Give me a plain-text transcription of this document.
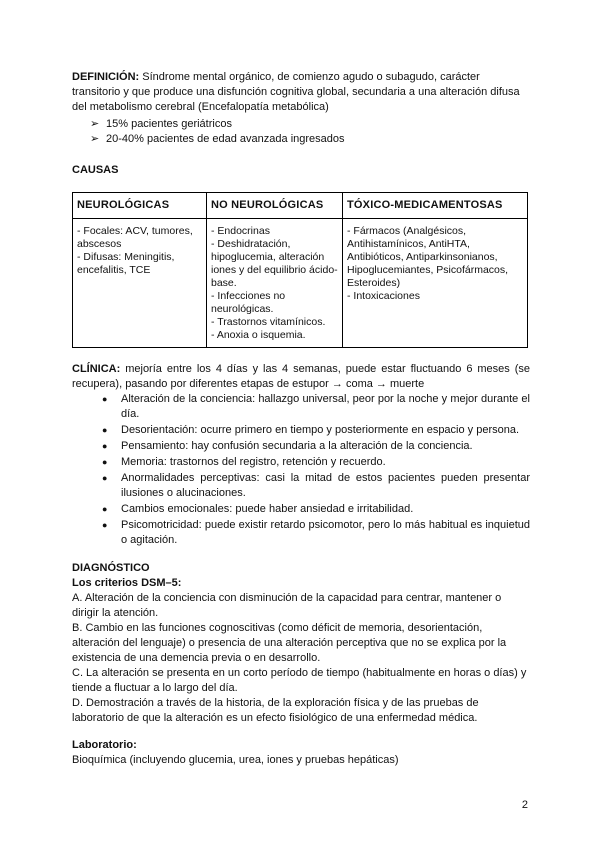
DEFINICIÓN: Síndrome mental orgánico, de comienzo agudo o subagudo, carácter transitorio y que produce una disfunción cognitiva global, secundaria a una alteración difusa del metabolismo cerebral (Encefalopatía metabólica)

➢ 15% pacientes geriátricos
➢ 20-40% pacientes de edad avanzada ingresados
CAUSAS
NEUROLÓGICAS	NO NEUROLÓGICAS	TÓXICO-MEDICAMENTOSAS

- Focales: ACV, tumores, abscesos
- Difusas: Meningitis, encefalitis, TCE	- Endocrinas
- Deshidratación, hipoglucemia, alteración iones y del equilibrio ácido-base.
- Infecciones no neurológicas.
- Trastornos vitamínicos.
- Anoxia o isquemia.	- Fármacos (Analgésicos, Antihistamínicos, AntiHTA, Antibióticos, Antiparkinsonianos, Hipoglucemiantes, Psicofármacos, Esteroides)
- Intoxicaciones

CLÍNICA: mejoría entre los 4 días y las 4 semanas, puede estar fluctuando 6 meses (se recupera), pasando por diferentes etapas de estupor → coma → muerte

● Alteración de la conciencia: hallazgo universal, peor por la noche y mejor durante el día.
● Desorientación: ocurre primero en tiempo y posteriormente en espacio y persona.
● Pensamiento: hay confusión secundaria a la alteración de la conciencia.
● Memoria: trastornos del registro, retención y recuerdo.
● Anormalidades perceptivas: casi la mitad de estos pacientes pueden presentar ilusiones o alucinaciones.
● Cambios emocionales: puede haber ansiedad e irritabilidad.
● Psicomotricidad: puede existir retardo psicomotor, pero lo más habitual es inquietud o agitación.
DIAGNÓSTICO
Los criterios DSM–5:

A. Alteración de la conciencia con disminución de la capacidad para centrar, mantener o dirigir la atención.

B. Cambio en las funciones cognoscitivas (como déficit de memoria, desorientación, alteración del lenguaje) o presencia de una alteración perceptiva que no se explica por la existencia de una demencia previa o en desarrollo.

C. La alteración se presenta en un corto período de tiempo (habitualmente en horas o días) y tiende a fluctuar a lo largo del día.

D. Demostración a través de la historia, de la exploración física y de las pruebas de laboratorio de que la alteración es un efecto fisiológico de una enfermedad médica.

Laboratorio:

Bioquímica (incluyendo glucemia, urea, iones y pruebas hepáticas)

2
